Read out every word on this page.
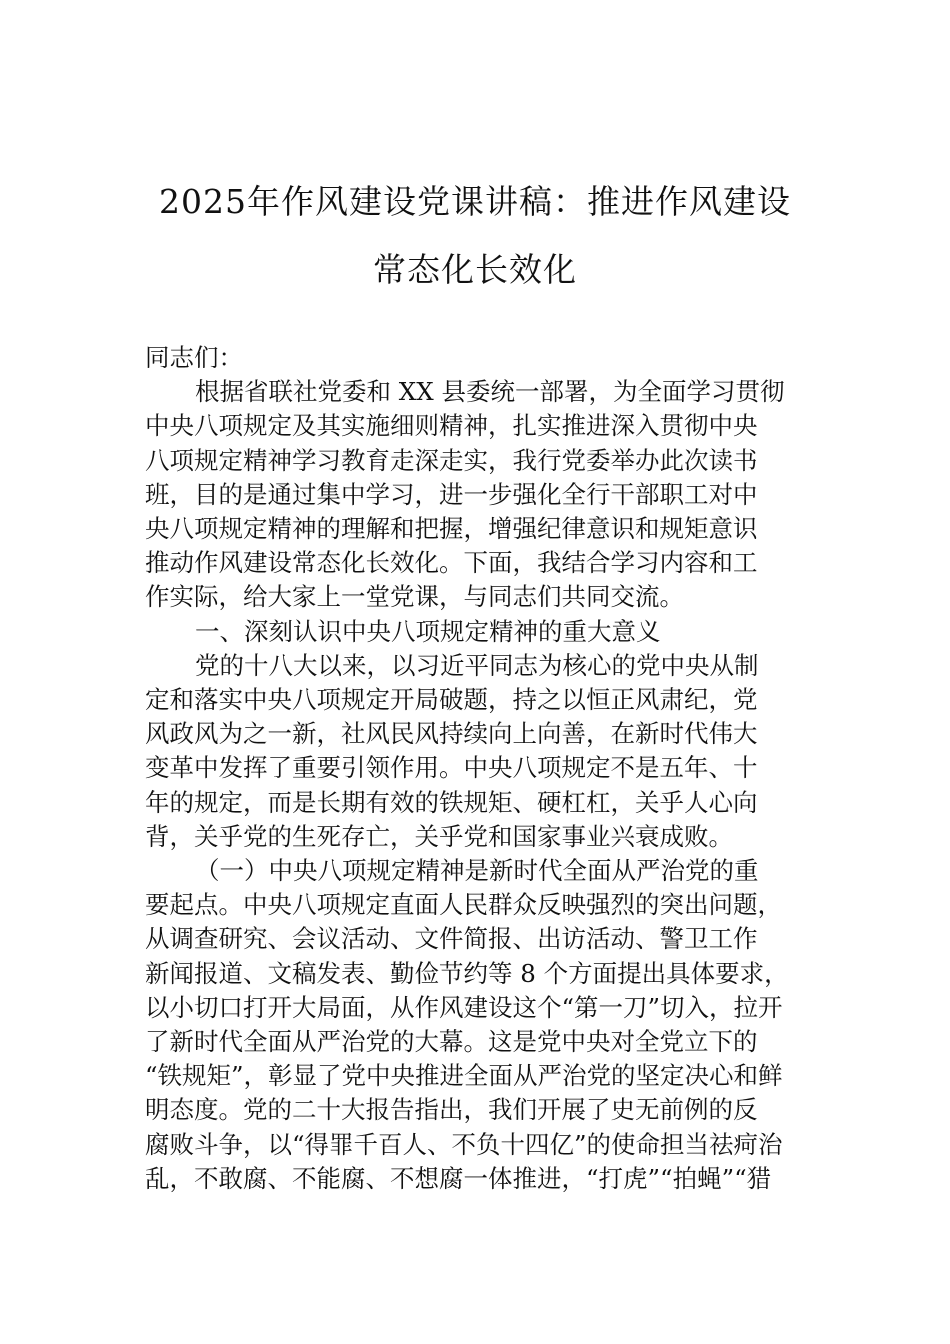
2025年作风建设党课讲稿：推进作风建设
常态化长效化

同志们：

根据省联社党委和 XX 县委统一部署，为全面学习贯彻
中央八项规定及其实施细则精神，扎实推进深入贯彻中央
八项规定精神学习教育走深走实，我行党委举办此次读书
班，目的是通过集中学习，进一步强化全行干部职工对中
央八项规定精神的理解和把握，增强纪律意识和规矩意识
推动作风建设常态化长效化。下面，我结合学习内容和工
作实际，给大家上一堂党课，与同志们共同交流。

一、深刻认识中央八项规定精神的重大意义

党的十八大以来，以习近平同志为核心的党中央从制
定和落实中央八项规定开局破题，持之以恒正风肃纪，党
风政风为之一新，社风民风持续向上向善，在新时代伟大
变革中发挥了重要引领作用。中央八项规定不是五年、十
年的规定，而是长期有效的铁规矩、硬杠杠，关乎人心向
背，关乎党的生死存亡，关乎党和国家事业兴衰成败。

（一）中央八项规定精神是新时代全面从严治党的重
要起点。中央八项规定直面人民群众反映强烈的突出问题，
从调查研究、会议活动、文件简报、出访活动、警卫工作
新闻报道、文稿发表、勤俭节约等 8 个方面提出具体要求，
以小切口打开大局面，从作风建设这个“第一刀”切入，拉开
了新时代全面从严治党的大幕。这是党中央对全党立下的
“铁规矩”，彰显了党中央推进全面从严治党的坚定决心和鲜
明态度。党的二十大报告指出，我们开展了史无前例的反
腐败斗争，以“得罪千百人、不负十四亿”的使命担当祛疴治
乱，不敢腐、不能腐、不想腐一体推进，“打虎”“拍蝇”“猎
